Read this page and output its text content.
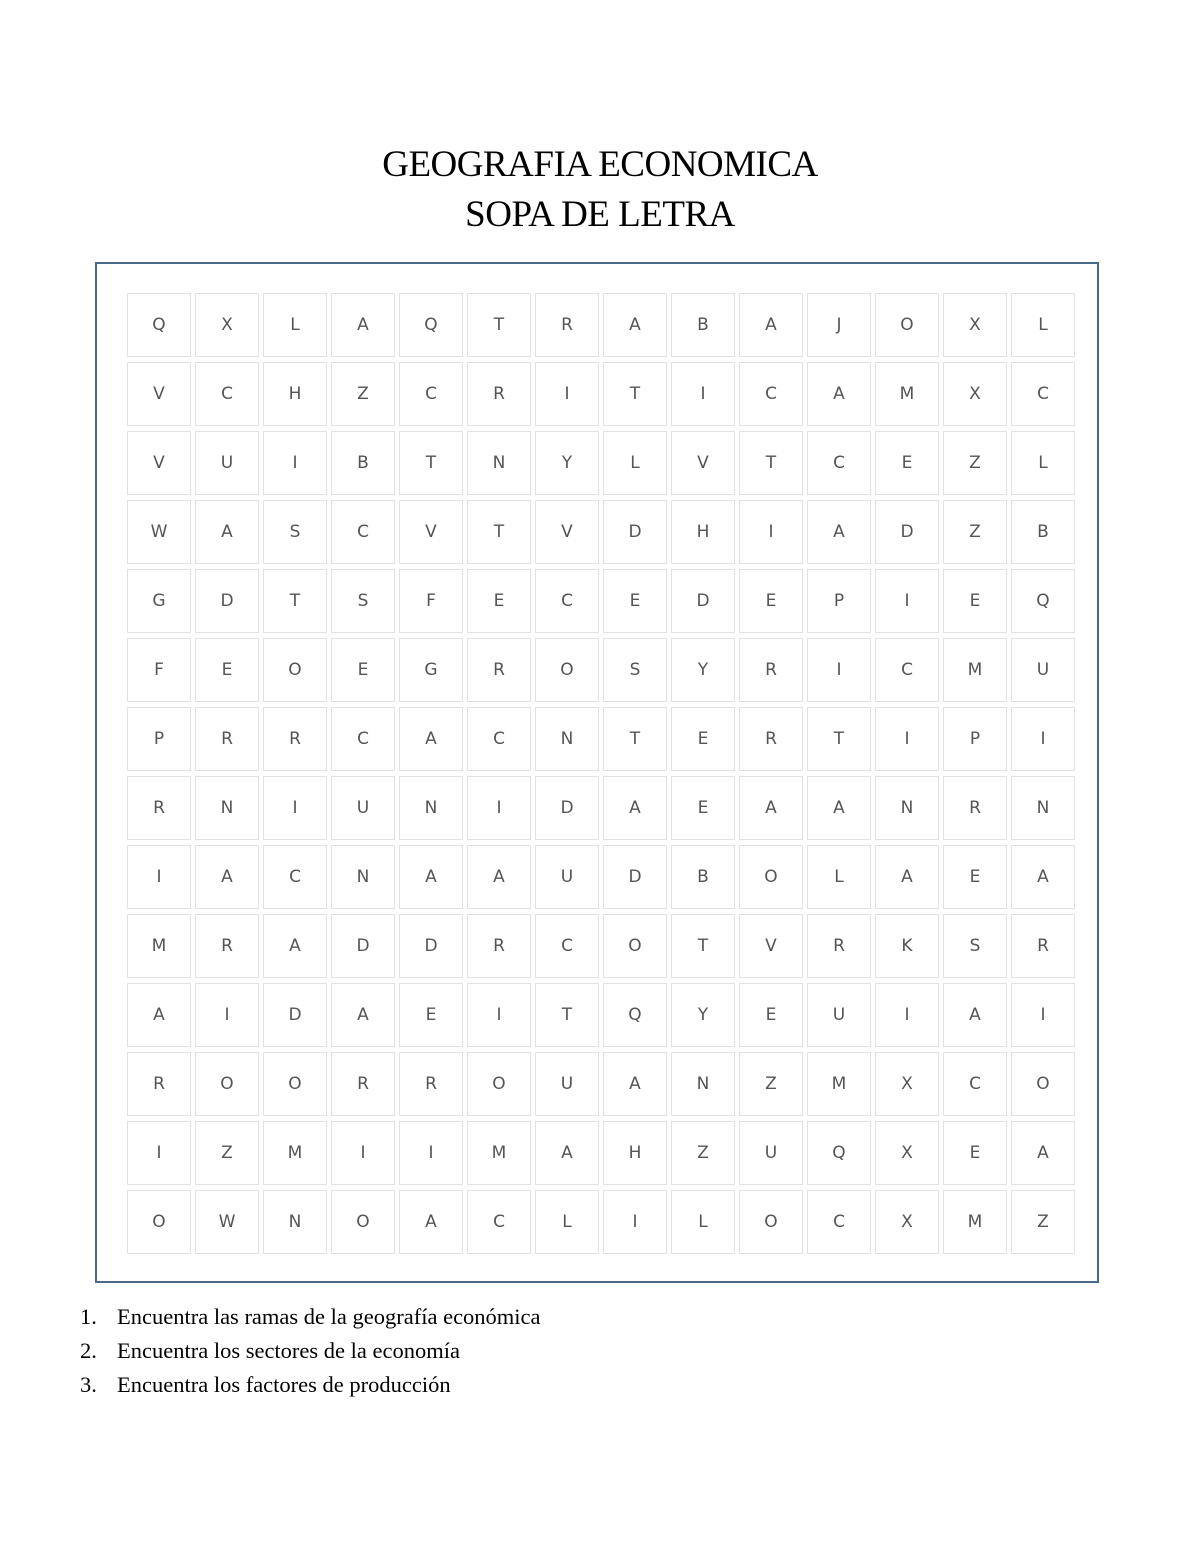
GEOGRAFIA ECONOMICA
SOPA DE LETRA
Q	X	L	A	Q	T	R	A	B	A	J	O	X	L
V	C	H	Z	C	R	I	T	I	C	A	M	X	C
V	U	I	B	T	N	Y	L	V	T	C	E	Z	L
W	A	S	C	V	T	V	D	H	I	A	D	Z	B
G	D	T	S	F	E	C	E	D	E	P	I	E	Q
F	E	O	E	G	R	O	S	Y	R	I	C	M	U
P	R	R	C	A	C	N	T	E	R	T	I	P	I
R	N	I	U	N	I	D	A	E	A	A	N	R	N
I	A	C	N	A	A	U	D	B	O	L	A	E	A
M	R	A	D	D	R	C	O	T	V	R	K	S	R
A	I	D	A	E	I	T	Q	Y	E	U	I	A	I
R	O	O	R	R	O	U	A	N	Z	M	X	C	O
I	Z	M	I	I	M	A	H	Z	U	Q	X	E	A
O	W	N	O	A	C	L	I	L	O	C	X	M	Z
1. Encuentra las ramas de la geografía económica
2. Encuentra los sectores de la economía
3. Encuentra los factores de producción
